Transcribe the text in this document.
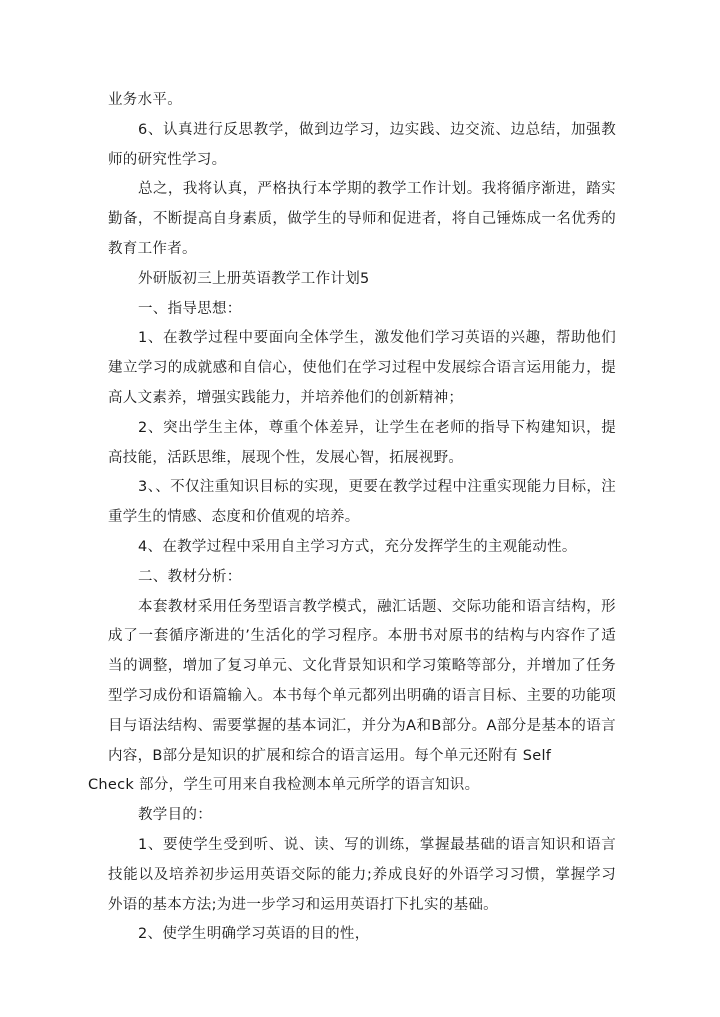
业务水平。

6、认真进行反思教学，做到边学习，边实践、边交流、边总结，加强教师的研究性学习。

总之，我将认真，严格执行本学期的教学工作计划。我将循序渐进，踏实勤备，不断提高自身素质，做学生的导师和促进者，将自己锤炼成一名优秀的教育工作者。

外研版初三上册英语教学工作计划5

一、指导思想：

1、在教学过程中要面向全体学生，激发他们学习英语的兴趣，帮助他们建立学习的成就感和自信心，使他们在学习过程中发展综合语言运用能力，提高人文素养，增强实践能力，并培养他们的创新精神；

2、突出学生主体，尊重个体差异，让学生在老师的指导下构建知识，提高技能，活跃思维，展现个性，发展心智，拓展视野。

3、、不仅注重知识目标的实现，更要在教学过程中注重实现能力目标，注重学生的情感、态度和价值观的培养。

4、在教学过程中采用自主学习方式，充分发挥学生的主观能动性。

二、教材分析：

本套教材采用任务型语言教学模式，融汇话题、交际功能和语言结构，形成了一套循序渐进的’生活化的学习程序。本册书对原书的结构与内容作了适当的调整，增加了复习单元、文化背景知识和学习策略等部分，并增加了任务型学习成份和语篇输入。本书每个单元都列出明确的语言目标、主要的功能项目与语法结构、需要掌握的基本词汇，并分为A和B部分。A部分是基本的语言内容，B部分是知识的扩展和综合的语言运用。每个单元还附有 Self

Check 部分，学生可用来自我检测本单元所学的语言知识。

教学目的：

1、要使学生受到听、说、读、写的训练，掌握最基础的语言知识和语言技能以及培养初步运用英语交际的能力;养成良好的外语学习习惯，掌握学习外语的基本方法;为进一步学习和运用英语打下扎实的基础。

2、使学生明确学习英语的目的性，
